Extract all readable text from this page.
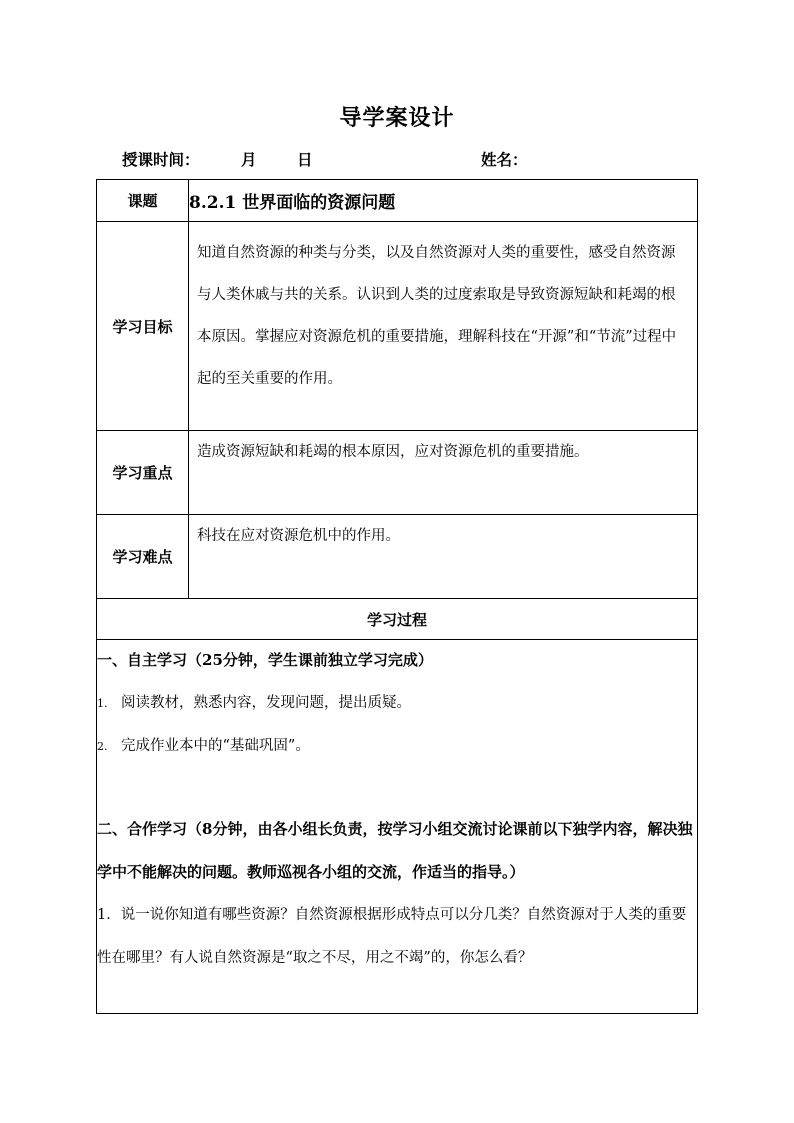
导学案设计
授课时间：	月	日	姓名：
课题	8.2.1 世界面临的资源问题
学习目标	知道自然资源的种类与分类，以及自然资源对人类的重要性，感受自然资源与人类休戚与共的关系。认识到人类的过度索取是导致资源短缺和耗竭的根本原因。掌握应对资源危机的重要措施，理解科技在“开源”和“节流”过程中起的至关重要的作用。

学习重点	造成资源短缺和耗竭的根本原因，应对资源危机的重要措施。

学习难点	科技在应对资源危机中的作用。

学习过程	

一、自主学习（25分钟，学生课前独立学习完成）
1. 阅读教材，熟悉内容，发现问题，提出质疑。
2. 完成作业本中的“基础巩固”。
二、合作学习（8分钟，由各小组长负责，按学习小组交流讨论课前以下独学内容，解决独学中不能解决的问题。教师巡视各小组的交流，作适当的指导。）
1．说一说你知道有哪些资源？自然资源根据形成特点可以分几类？自然资源对于人类的重要性在哪里？有人说自然资源是“取之不尽，用之不竭”的，你怎么看？	
